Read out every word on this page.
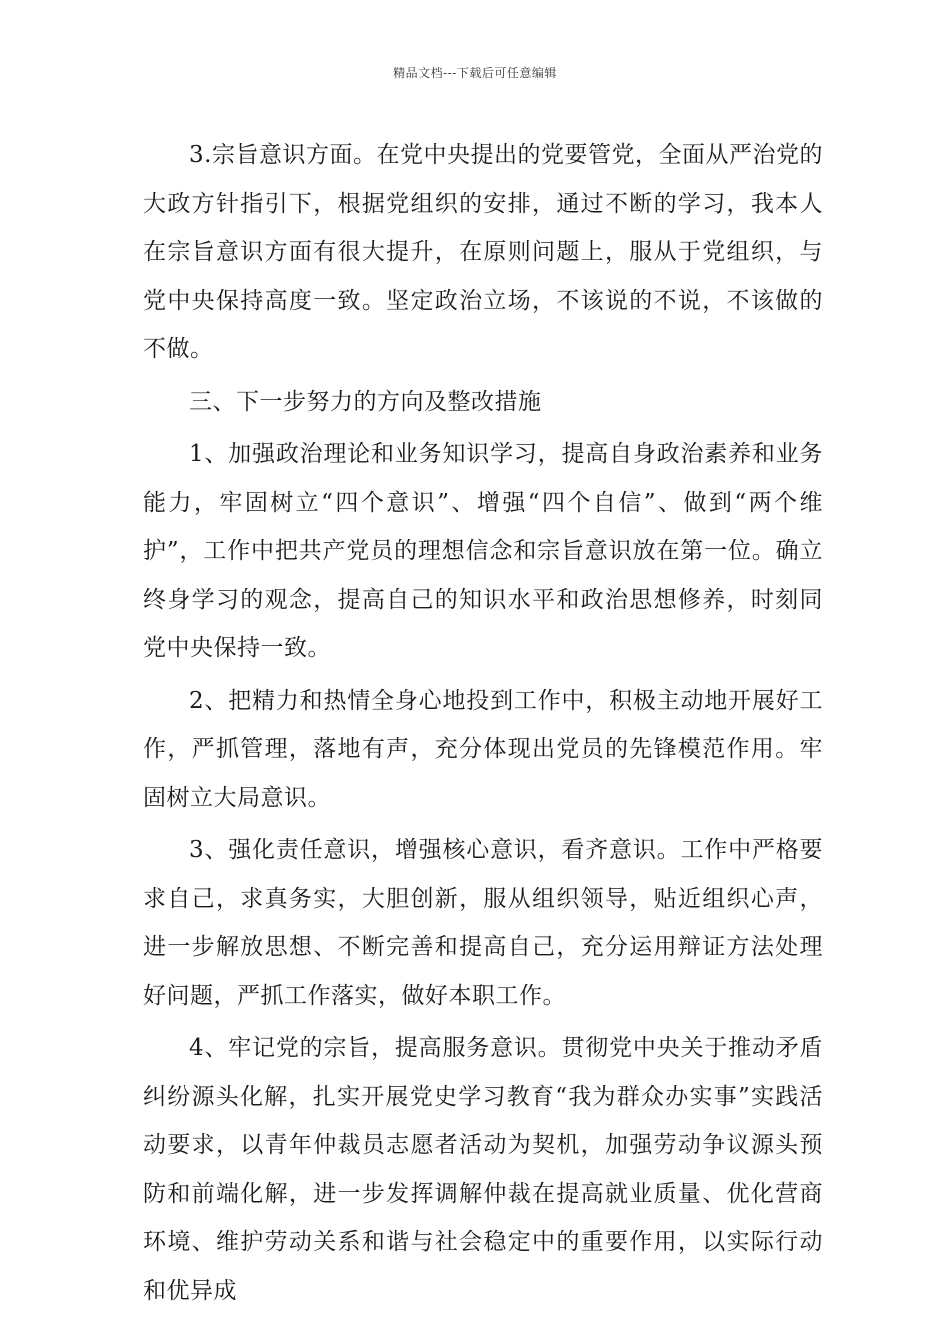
精品文档---下载后可任意编辑

3.宗旨意识方面。在党中央提出的党要管党，全面从严治党的大政方针指引下，根据党组织的安排，通过不断的学习，我本人在宗旨意识方面有很大提升，在原则问题上，服从于党组织，与党中央保持高度一致。坚定政治立场，不该说的不说，不该做的不做。

三、下一步努力的方向及整改措施

1、加强政治理论和业务知识学习，提高自身政治素养和业务能力，牢固树立“四个意识”、增强“四个自信”、做到“两个维护”，工作中把共产党员的理想信念和宗旨意识放在第一位。确立终身学习的观念，提高自己的知识水平和政治思想修养，时刻同党中央保持一致。

2、把精力和热情全身心地投到工作中，积极主动地开展好工作，严抓管理，落地有声，充分体现出党员的先锋模范作用。牢固树立大局意识。

3、强化责任意识，增强核心意识，看齐意识。工作中严格要求自己，求真务实，大胆创新，服从组织领导，贴近组织心声，进一步解放思想、不断完善和提高自己，充分运用辩证方法处理好问题，严抓工作落实，做好本职工作。

4、牢记党的宗旨，提高服务意识。贯彻党中央关于推动矛盾纠纷源头化解，扎实开展党史学习教育“我为群众办实事”实践活动要求，以青年仲裁员志愿者活动为契机，加强劳动争议源头预防和前端化解，进一步发挥调解仲裁在提高就业质量、优化营商环境、维护劳动关系和谐与社会稳定中的重要作用，以实际行动和优异成
